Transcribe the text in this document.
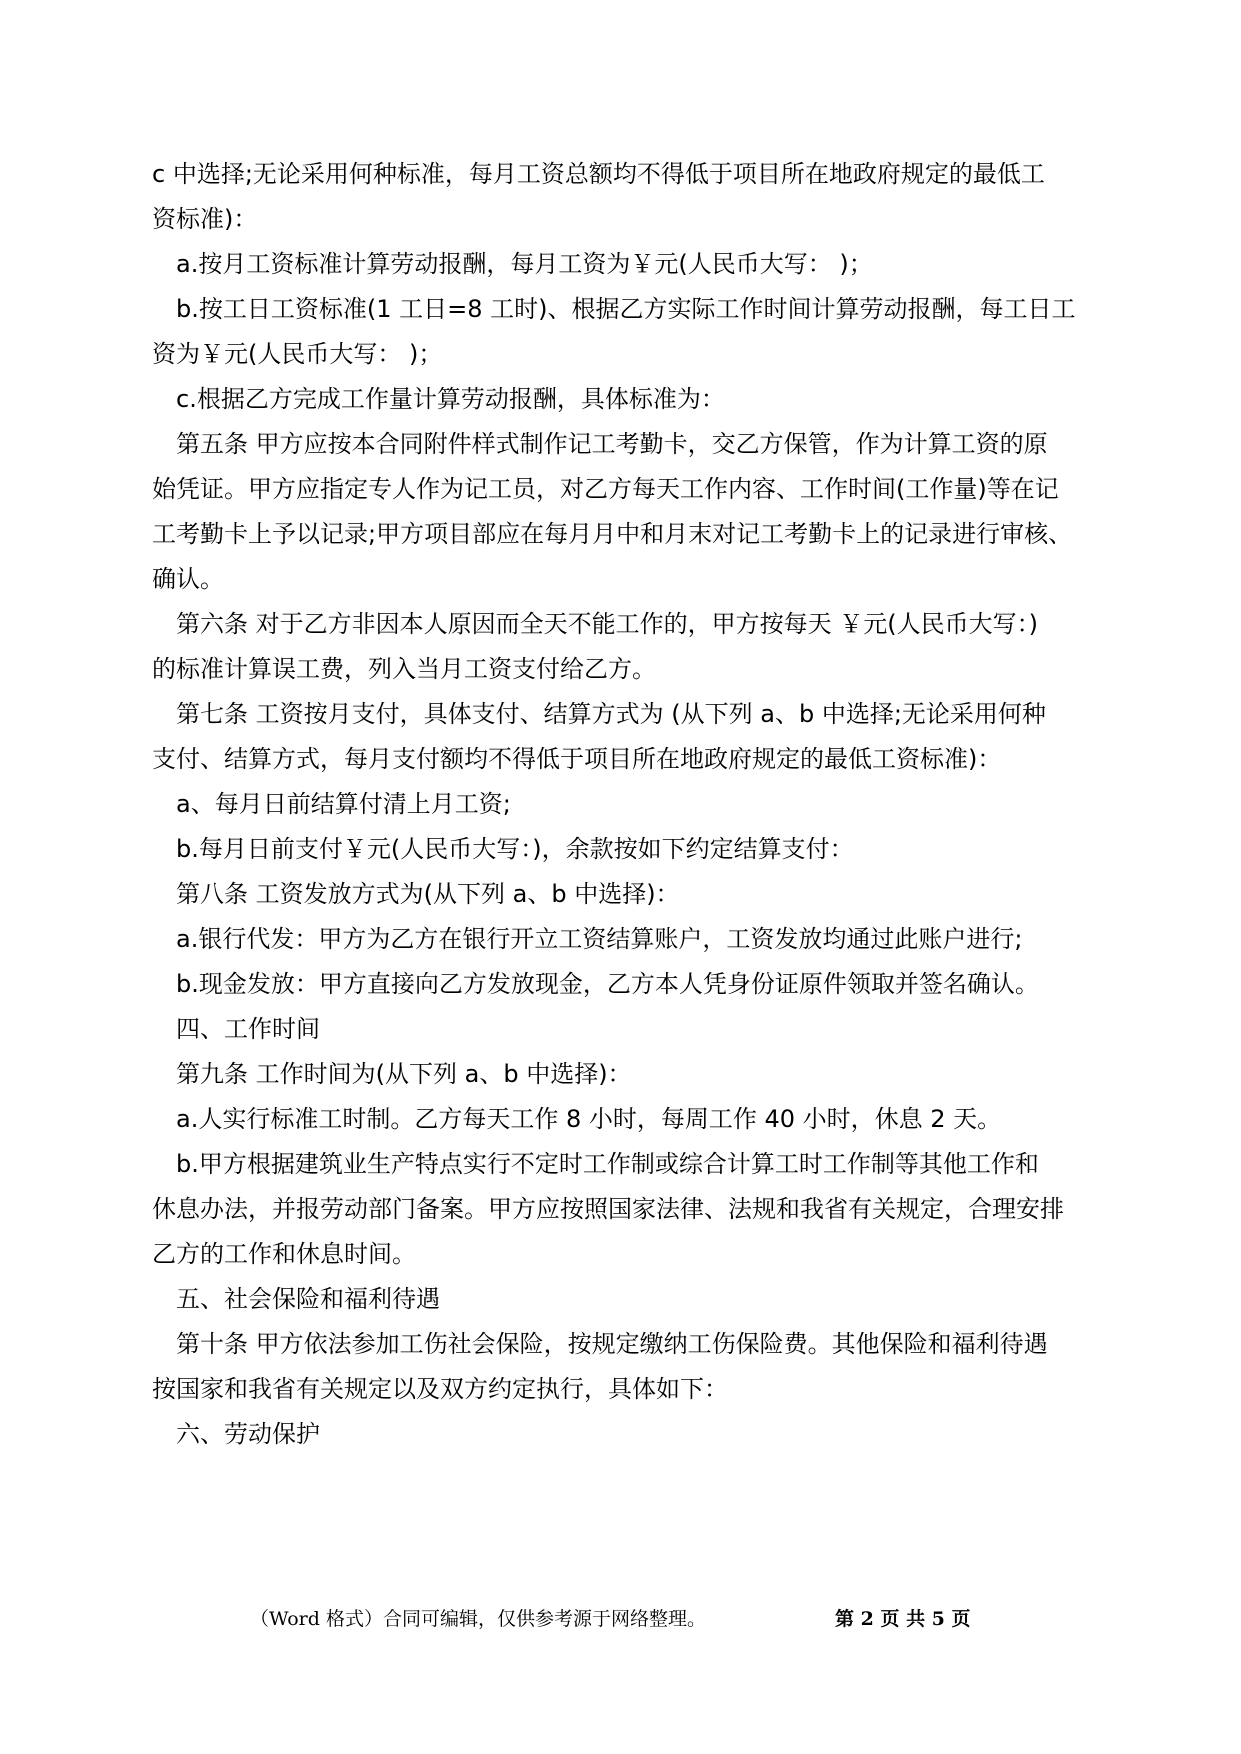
c 中选择;无论采用何种标准，每月工资总额均不得低于项目所在地政府规定的最低工

资标准)：

a.按月工资标准计算劳动报酬，每月工资为￥元(人民币大写： )；

b.按工日工资标准(1 工日=8 工时)、根据乙方实际工作时间计算劳动报酬，每工日工

资为￥元(人民币大写： )；

c.根据乙方完成工作量计算劳动报酬，具体标准为：

第五条 甲方应按本合同附件样式制作记工考勤卡，交乙方保管，作为计算工资的原

始凭证。甲方应指定专人作为记工员，对乙方每天工作内容、工作时间(工作量)等在记

工考勤卡上予以记录;甲方项目部应在每月月中和月末对记工考勤卡上的记录进行审核、

确认。

第六条 对于乙方非因本人原因而全天不能工作的，甲方按每天 ￥元(人民币大写：)

的标准计算误工费，列入当月工资支付给乙方。

第七条 工资按月支付，具体支付、结算方式为 (从下列 a、b 中选择;无论采用何种

支付、结算方式，每月支付额均不得低于项目所在地政府规定的最低工资标准)：

a、每月日前结算付清上月工资;

b.每月日前支付￥元(人民币大写：)，余款按如下约定结算支付：

第八条 工资发放方式为(从下列 a、b 中选择)：

a.银行代发：甲方为乙方在银行开立工资结算账户，工资发放均通过此账户进行;

b.现金发放：甲方直接向乙方发放现金，乙方本人凭身份证原件领取并签名确认。

四、工作时间

第九条 工作时间为(从下列 a、b 中选择)：

a.人实行标准工时制。乙方每天工作 8 小时，每周工作 40 小时，休息 2 天。

b.甲方根据建筑业生产特点实行不定时工作制或综合计算工时工作制等其他工作和

休息办法，并报劳动部门备案。甲方应按照国家法律、法规和我省有关规定，合理安排

乙方的工作和休息时间。

五、社会保险和福利待遇

第十条 甲方依法参加工伤社会保险，按规定缴纳工伤保险费。其他保险和福利待遇

按国家和我省有关规定以及双方约定执行，具体如下：

六、劳动保护

（Word 格式）合同可编辑，仅供参考源于网络整理。	第 2 页 共 5 页
